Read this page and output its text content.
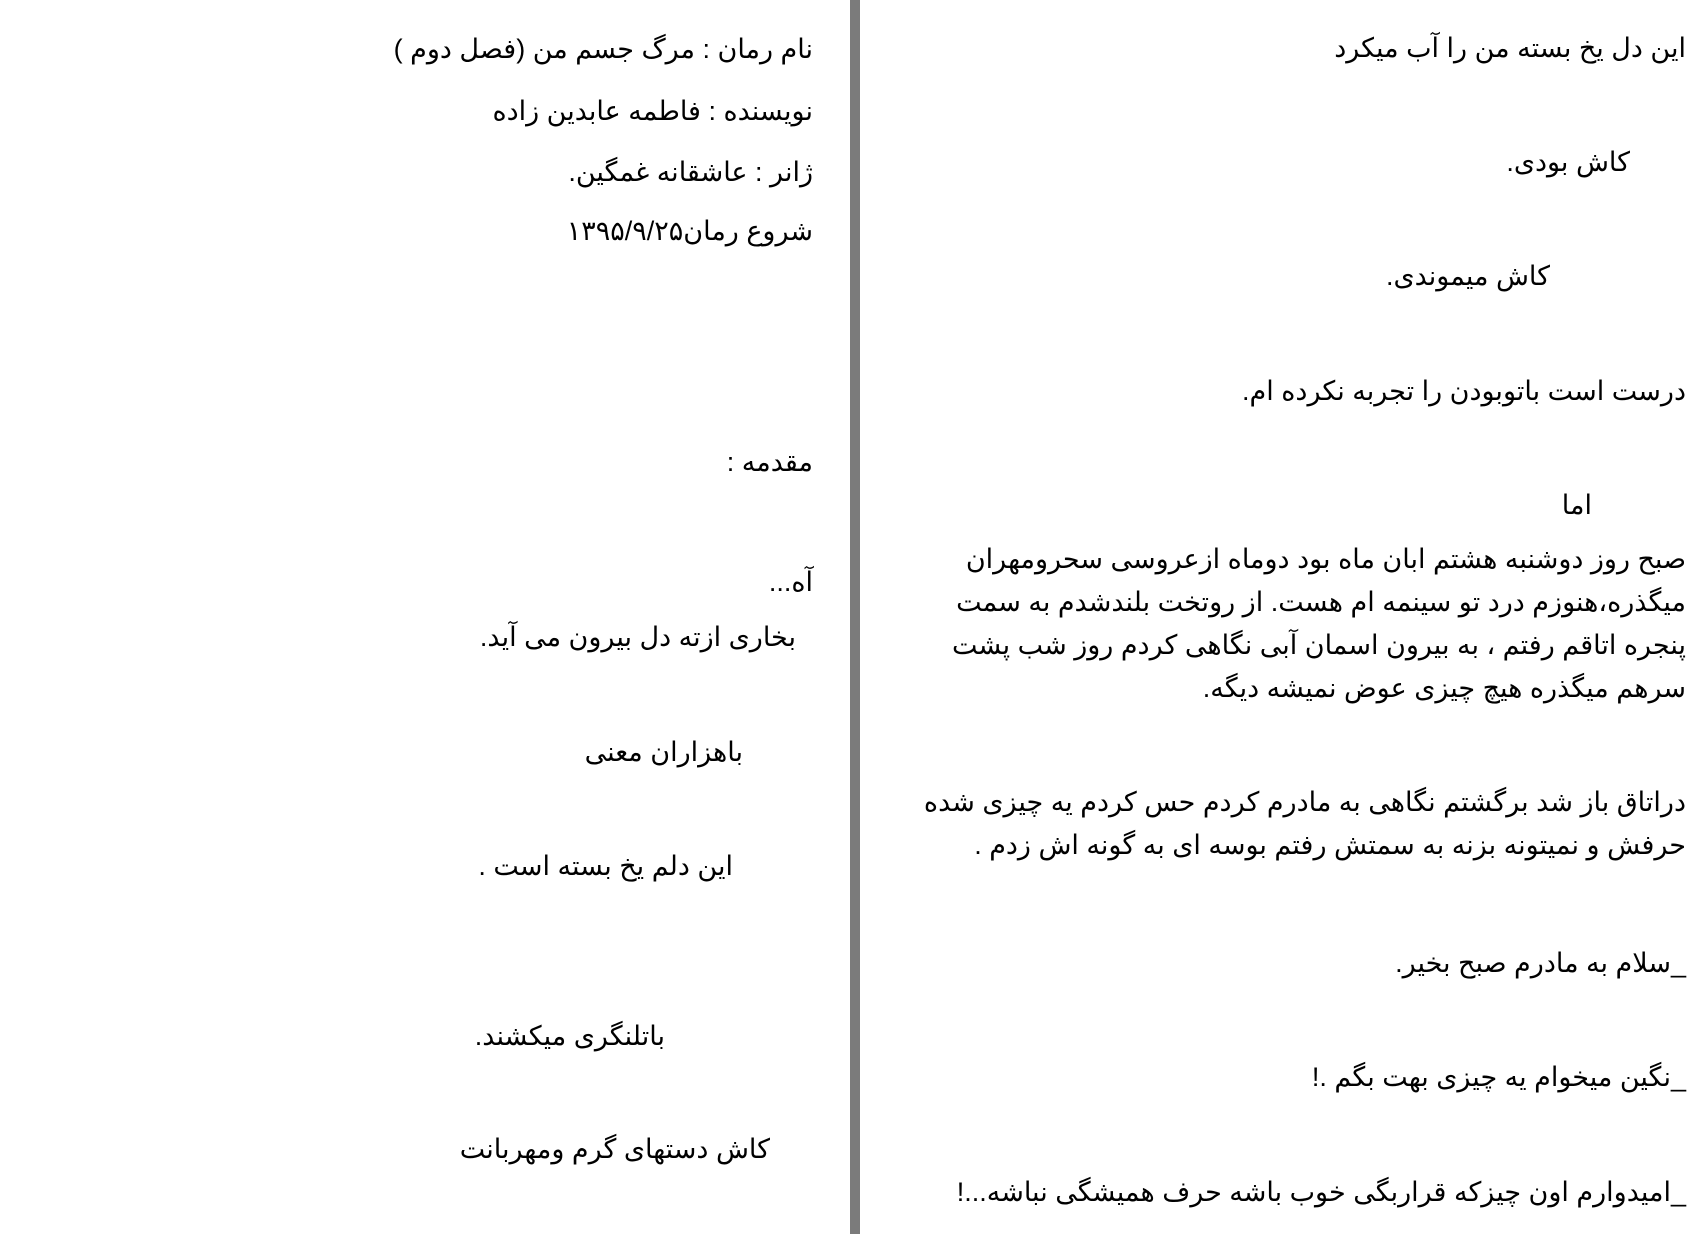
نام رمان : مرگ جسم من (فصل دوم )
نویسنده : فاطمه عابدین زاده
ژانر : عاشقانه غمگین.
شروع رمان۱۳۹۵/۹/۲۵
مقدمه :
آه...
بخاری ازته دل بیرون می آید.
باهزاران معنی
این دلم یخ بسته است .
باتلنگری میکشند.
کاش دستهای گرم ومهربانت
این دل یخ بسته من را آب میکرد
کاش بودی.
کاش میموندی.
درست است باتوبودن را تجربه نکرده ام.
اما
صبح روز دوشنبه هشتم ابان ماه بود دوماه ازعروسی سحرومهران میگذره،هنوزم درد تو سینمه ام هست. از روتخت بلندشدم به سمت پنجره اتاقم رفتم ، به بیرون اسمان آبی نگاهی کردم روز شب پشت سرهم میگذره هیچ چیزی عوض نمیشه دیگه.
دراتاق باز شد برگشتم نگاهی به مادرم کردم حس کردم یه چیزی شده حرفش و نمیتونه بزنه به سمتش رفتم بوسه ای به گونه اش زدم .
_سلام به مادرم صبح بخیر.
_نگین میخوام یه چیزی بهت بگم .!
_امیدوارم اون چیزکه قراربگی خوب باشه حرف همیشگی نباشه...!
